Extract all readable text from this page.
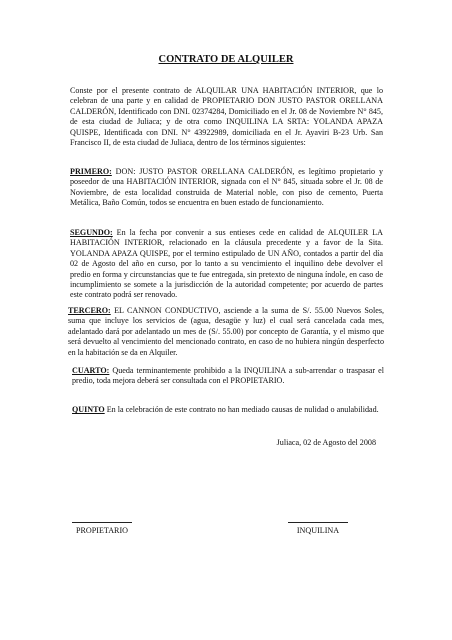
CONTRATO DE ALQUILER
Conste por el presente contrato de ALQUILAR UNA HABITACIÓN INTERIOR, que lo celebran de una parte y en calidad de PROPIETARIO DON JUSTO PASTOR ORELLANA CALDERÓN, Identificado con DNI. 02374284, Domiciliado en el Jr. 08 de Noviembre N° 845, de esta ciudad de Juliaca; y de otra como INQUILINA LA SRTA: YOLANDA APAZA QUISPE, Identificada con DNI. N° 43922989, domiciliada en el Jr. Ayaviri B-23 Urb. San Francisco II, de esta ciudad de Juliaca, dentro de los términos siguientes:
PRIMERO: DON: JUSTO PASTOR ORELLANA CALDERÓN, es legítimo propietario y poseedor de una HABITACIÓN INTERIOR, signada con el N° 845, situada sobre el Jr. 08 de Noviembre, de esta localidad construida de Material noble, con piso de cemento, Puerta Metálica, Baño Común, todos se encuentra en buen estado de funcionamiento.
SEGUNDO: En la fecha por convenir a sus entieses cede en calidad de ALQUILER LA HABITACIÓN INTERIOR, relacionado en la cláusula precedente y a favor de la Sita. YOLANDA APAZA QUISPE, por el termino estipulado de UN AÑO, contados a partir del día 02 de Agosto del año en curso, por lo tanto a su vencimiento el inquilino debe devolver el predio en forma y circunstancias que te fue entregada, sin pretexto de ninguna índole, en caso de incumplimiento se somete a la jurisdicción de la autoridad competente; por acuerdo de partes este contrato podrá ser renovado.
TERCERO: EL CANNON CONDUCTIVO, asciende a la suma de S/. 55.00 Nuevos Soles, suma que incluye los servicios de (agua, desagüe y luz) el cual será cancelada cada mes, adelantado dará por adelantado un mes de (S/. 55.00) por concepto de Garantía, y el mismo que será devuelto al vencimiento del mencionado contrato, en caso de no hubiera ningún desperfecto en la habitación se da en Alquiler.
CUARTO: Queda terminantemente prohibido a la INQUILINA a sub-arrendar o traspasar el predio, toda mejora deberá ser consultada con el PROPIETARIO.
QUINTO En la celebración de este contrato no han mediado causas de nulidad o anulabilidad.
Juliaca, 02 de Agosto del 2008
PROPIETARIO	INQUILINA
